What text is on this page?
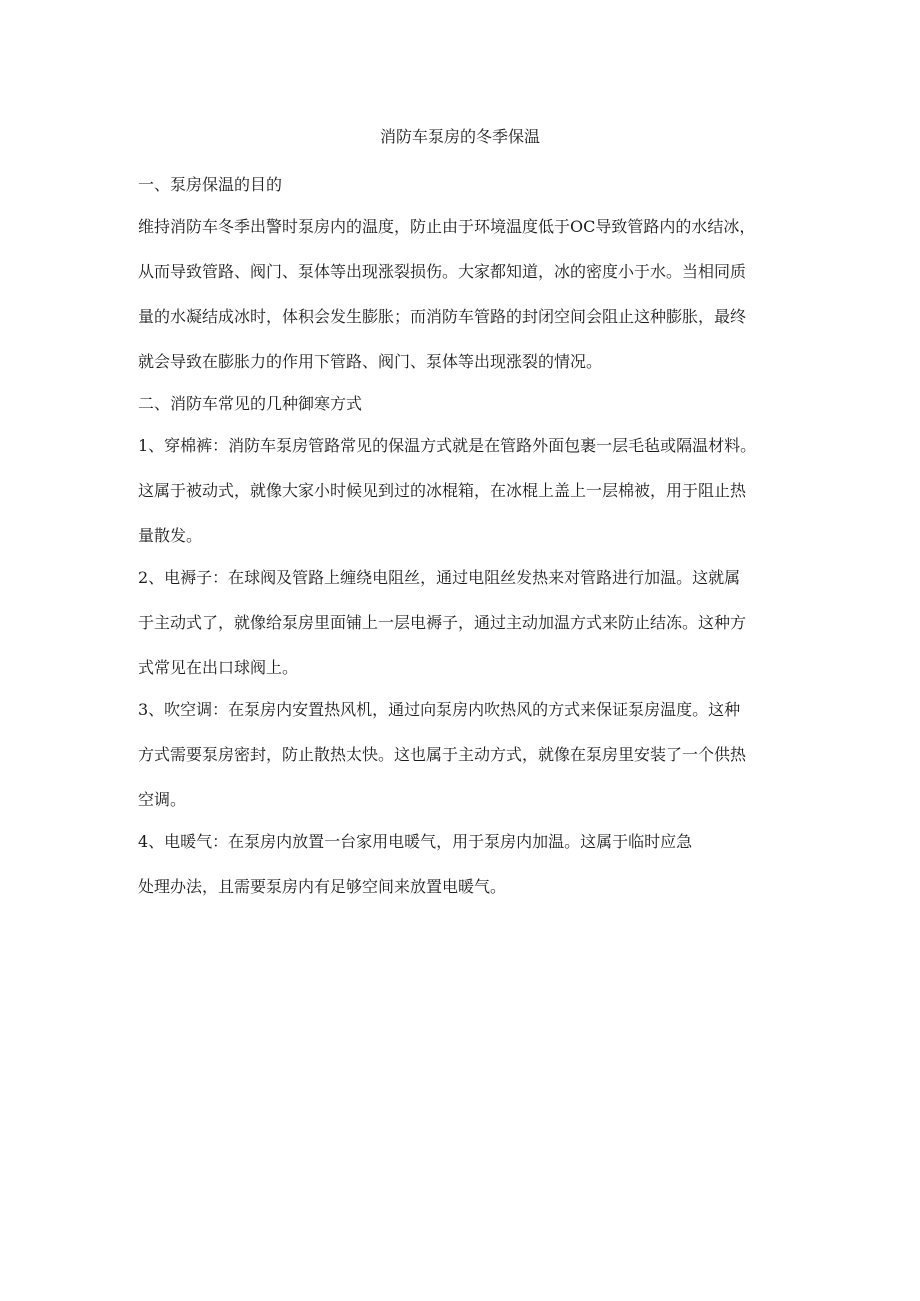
消防车泵房的冬季保温

一、泵房保温的目的

维持消防车冬季出警时泵房内的温度，防止由于环境温度低于OC导致管路内的水结冰，

从而导致管路、阀门、泵体等出现涨裂损伤。大家都知道，冰的密度小于水。当相同质

量的水凝结成冰时，体积会发生膨胀；而消防车管路的封闭空间会阻止这种膨胀，最终

就会导致在膨胀力的作用下管路、阀门、泵体等出现涨裂的情况。

二、消防车常见的几种御寒方式

1、穿棉裤：消防车泵房管路常见的保温方式就是在管路外面包裹一层毛毡或隔温材料。

这属于被动式，就像大家小时候见到过的冰棍箱，在冰棍上盖上一层棉被，用于阻止热

量散发。

2、电褥子：在球阀及管路上缠绕电阻丝，通过电阻丝发热来对管路进行加温。这就属

于主动式了，就像给泵房里面铺上一层电褥子，通过主动加温方式来防止结冻。这种方

式常见在出口球阀上。

3、吹空调：在泵房内安置热风机，通过向泵房内吹热风的方式来保证泵房温度。这种

方式需要泵房密封，防止散热太快。这也属于主动方式，就像在泵房里安装了一个供热

空调。

4、电暖气：在泵房内放置一台家用电暖气，用于泵房内加温。这属于临时应急

处理办法，且需要泵房内有足够空间来放置电暖气。
